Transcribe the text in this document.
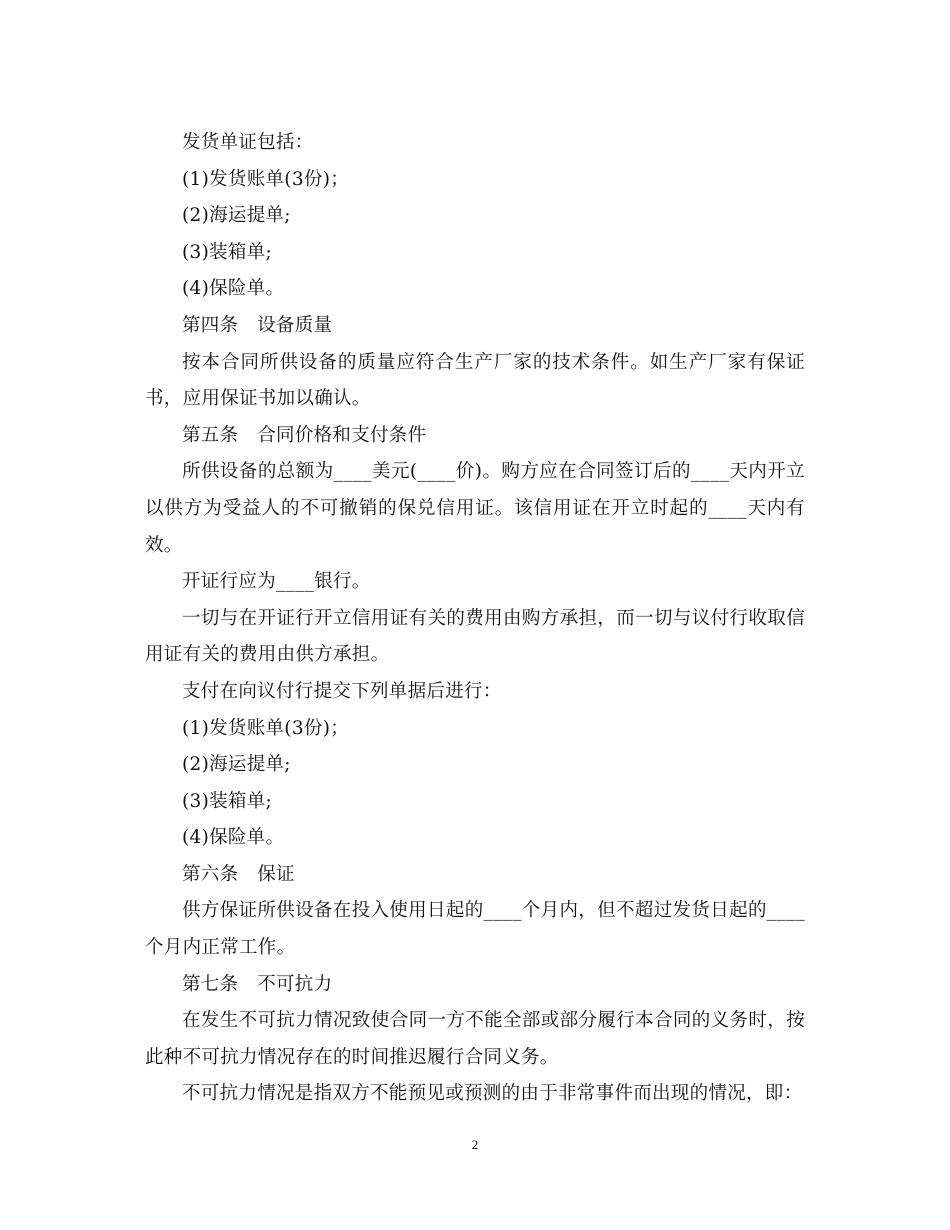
发货单证包括：

(1)发货账单(3份)；

(2)海运提单;

(3)装箱单;

(4)保险单。

第四条　设备质量

按本合同所供设备的质量应符合生产厂家的技术条件。如生产厂家有保证书，应用保证书加以确认。

第五条　合同价格和支付条件

所供设备的总额为____美元(____价)。购方应在合同签订后的____天内开立以供方为受益人的不可撤销的保兑信用证。该信用证在开立时起的____天内有效。

开证行应为____银行。

一切与在开证行开立信用证有关的费用由购方承担，而一切与议付行收取信用证有关的费用由供方承担。

支付在向议付行提交下列单据后进行：

(1)发货账单(3份)；

(2)海运提单;

(3)装箱单;

(4)保险单。

第六条　保证

供方保证所供设备在投入使用日起的____个月内，但不超过发货日起的____个月内正常工作。

第七条　不可抗力

在发生不可抗力情况致使合同一方不能全部或部分履行本合同的义务时，按此种不可抗力情况存在的时间推迟履行合同义务。

不可抗力情况是指双方不能预见或预测的由于非常事件而出现的情况，即：

2
